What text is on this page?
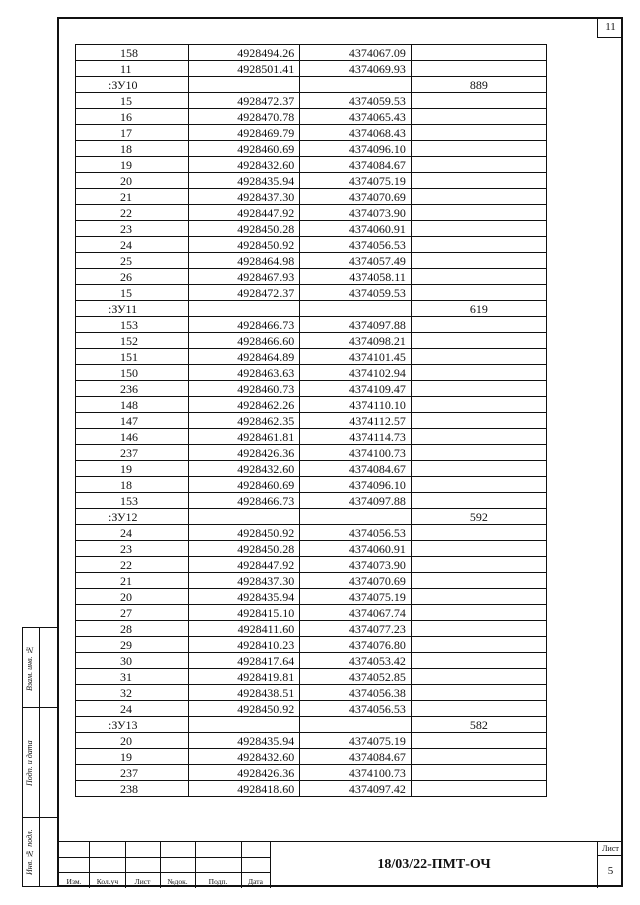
11
Взам. инв. №
Подп. и дата
Инв. № подл.
158	4928494.26	4374067.09	
11	4928501.41	4374069.93	
:ЗУ10			889
15	4928472.37	4374059.53	
16	4928470.78	4374065.43	
17	4928469.79	4374068.43	
18	4928460.69	4374096.10	
19	4928432.60	4374084.67	
20	4928435.94	4374075.19	
21	4928437.30	4374070.69	
22	4928447.92	4374073.90	
23	4928450.28	4374060.91	
24	4928450.92	4374056.53	
25	4928464.98	4374057.49	
26	4928467.93	4374058.11	
15	4928472.37	4374059.53	
:ЗУ11			619
153	4928466.73	4374097.88	
152	4928466.60	4374098.21	
151	4928464.89	4374101.45	
150	4928463.63	4374102.94	
236	4928460.73	4374109.47	
148	4928462.26	4374110.10	
147	4928462.35	4374112.57	
146	4928461.81	4374114.73	
237	4928426.36	4374100.73	
19	4928432.60	4374084.67	
18	4928460.69	4374096.10	
153	4928466.73	4374097.88	
:ЗУ12			592
24	4928450.92	4374056.53	
23	4928450.28	4374060.91	
22	4928447.92	4374073.90	
21	4928437.30	4374070.69	
20	4928435.94	4374075.19	
27	4928415.10	4374067.74	
28	4928411.60	4374077.23	
29	4928410.23	4374076.80	
30	4928417.64	4374053.42	
31	4928419.81	4374052.85	
32	4928438.51	4374056.38	
24	4928450.92	4374056.53	
:ЗУ13			582
20	4928435.94	4374075.19	
19	4928432.60	4374084.67	
237	4928426.36	4374100.73	
238	4928418.60	4374097.42	
Изм.	Кол.уч	Лист	№док.	Подп.	Дата
18/03/22-ПМТ-ОЧ
Лист
5
